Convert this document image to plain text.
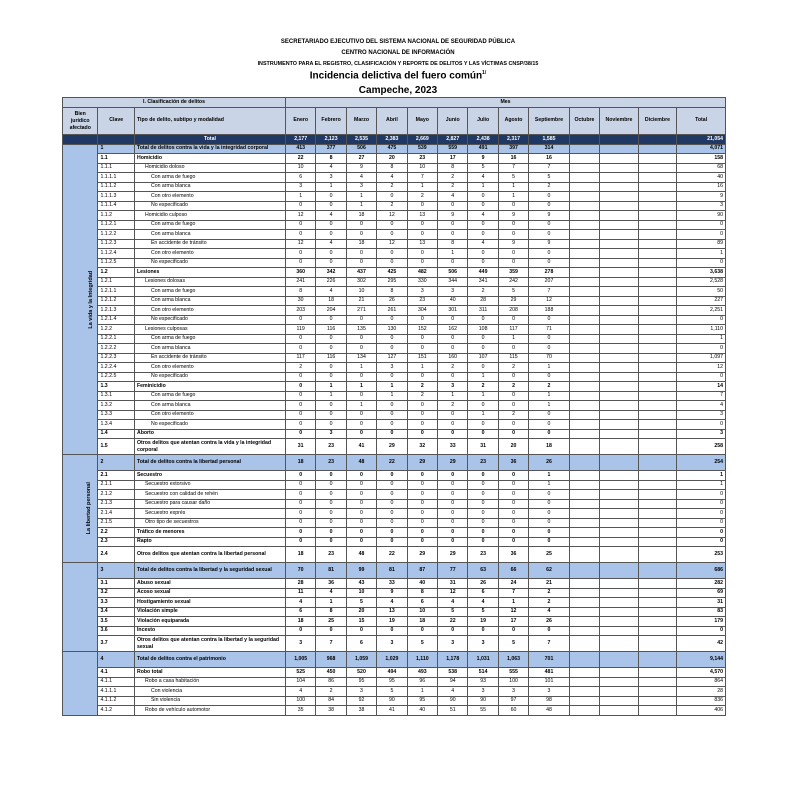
SECRETARIADO EJECUTIVO DEL SISTEMA NACIONAL DE SEGURIDAD PÚBLICA
CENTRO NACIONAL DE INFORMACIÓN
INSTRUMENTO PARA EL REGISTRO, CLASIFICACIÓN Y REPORTE DE DELITOS Y LAS VÍCTIMAS CNSP/38/15
Incidencia delictiva del fuero común$^{1/}$
Campeche, 2023
I. Clasificación de delitos			Mes												
Bien jurídico afectado	Clave	Tipo de delito, subtipo y modalidad	Enero	Febrero	Marzo	Abril	Mayo	Junio	Julio	Agosto	Septiembre	Octubre	Noviembre	Diciembre	Total
		Total	2,177	2,123	2,535	2,383	2,669	2,827	2,438	2,317	1,585				21,054
La vida y la Integridad	1	Total de delitos contra la vida y la integridad corporal	413	377	506	475	539	559	491	397	314				4,071
	1.1	Homicidio	22	8	27	20	23	17	9	16	16				158
	1.1.1	Homicidio doloso	10	4	9	8	10	8	5	7	7				68
	1.1.1.1	Con arma de fuego	6	3	4	4	7	2	4	5	5				40
	1.1.1.2	Con arma blanca	3	1	3	2	1	2	1	1	2				16
	1.1.1.3	Con otro elemento	1	0	1	0	2	4	0	1	0				9
	1.1.1.4	No especificado	0	0	1	2	0	0	0	0	0				3
	1.1.2	Homicidio culposo	12	4	18	12	13	9	4	9	9				90
	1.1.2.1	Con arma de fuego	0	0	0	0	0	0	0	0	0				0
	1.1.2.2	Con arma blanca	0	0	0	0	0	0	0	0	0				0
	1.1.2.3	En accidente de tránsito	12	4	18	12	13	8	4	9	9				89
	1.1.2.4	Con otro elemento	0	0	0	0	0	1	0	0	0				1
	1.1.2.5	No especificado	0	0	0	0	0	0	0	0	0				0
	1.2	Lesiones	360	342	437	425	482	506	449	359	278				3,638
	1.2.1	Lesiones dolosas	241	226	302	295	330	344	341	242	207				2,528
	1.2.1.1	Con arma de fuego	8	4	10	8	3	3	2	5	7				50
	1.2.1.2	Con arma blanca	30	18	21	26	23	40	28	29	12				227
	1.2.1.3	Con otro elemento	203	204	271	261	304	301	311	208	188				2,251
	1.2.1.4	No especificado	0	0	0	0	0	0	0	0	0				0
	1.2.2	Lesiones culposas	119	116	135	130	152	162	108	117	71				1,110
	1.2.2.1	Con arma de fuego	0	0	0	0	0	0	0	1	0				1
	1.2.2.2	Con arma blanca	0	0	0	0	0	0	0	0	0				0
	1.2.2.3	En accidente de tránsito	117	116	134	127	151	160	107	115	70				1,097
	1.2.2.4	Con otro elemento	2	0	1	3	1	2	0	2	1				12
	1.2.2.5	No especificado	0	0	0	0	0	0	1	0	0				0
	1.3	Feminicidio	0	1	1	1	2	3	2	2	2				14
	1.3.1	Con arma de fuego	0	1	0	1	2	1	1	0	1				7
	1.3.2	Con arma blanca	0	0	1	0	0	2	0	0	1				4
	1.3.3	Con otro elemento	0	0	0	0	0	0	1	2	0				3
	1.3.4	No especificado	0	0	0	0	0	0	0	0	0				0
	1.4	Aborto	0	3	0	0	0	0	0	0	0				3
	1.5	Otros delitos que atentan contra la vida y la integridad corporal	31	23	41	29	32	33	31	20	18				258
La libertad personal	2	Total de delitos contra la libertad personal	18	23	48	22	29	29	23	36	26				254
	2.1	Secuestro	0	0	0	0	0	0	0	0	1				1
	2.1.1	Secuestro extorsivo	0	0	0	0	0	0	0	0	1				1
	2.1.2	Secuestro con calidad de rehén	0	0	0	0	0	0	0	0	0				0
	2.1.3	Secuestro para causar daño	0	0	0	0	0	0	0	0	0				0
	2.1.4	Secuestro exprés	0	0	0	0	0	0	0	0	0				0
	2.1.5	Otro tipo de secuestros	0	0	0	0	0	0	0	0	0				0
	2.2	Tráfico de menores	0	0	0	0	0	0	0	0	0				0
	2.3	Rapto	0	0	0	0	0	0	0	0	0				0
	2.4	Otros delitos que atentan contra la libertad personal	18	23	48	22	29	29	23	36	25				253
	3	Total de delitos contra la libertad y la seguridad sexual	70	81	99	81	87	77	63	66	62				686
	3.1	Abuso sexual	28	36	43	33	40	31	26	24	21				282
	3.2	Acoso sexual	11	4	10	9	8	12	6	7	2				69
	3.3	Hostigamiento sexual	4	1	5	4	6	4	4	1	2				31
	3.4	Violación simple	6	8	20	13	10	5	5	12	4				83
	3.5	Violación equiparada	18	25	15	19	18	22	19	17	26				179
	3.6	Incesto	0	0	0	0	0	0	0	0	0				0
	3.7	Otros delitos que atentan contra la libertad y la seguridad sexual	3	7	6	3	5	3	3	5	7				42
	4	Total de delitos contra el patrimonio	1,005	968	1,059	1,029	1,110	1,178	1,031	1,063	701				9,144
	4.1	Robo total	525	450	520	494	493	538	514	555	481				4,570
	4.1.1	Robo a casa habitación	104	86	95	95	96	94	93	100	101				864
	4.1.1.1	Con violencia	4	2	3	5	1	4	3	3	3				28
	4.1.1.2	Sin violencia	100	84	92	90	95	90	90	97	98				836
	4.1.2	Robo de vehículo automotor	35	38	38	41	40	51	55	60	48				406
